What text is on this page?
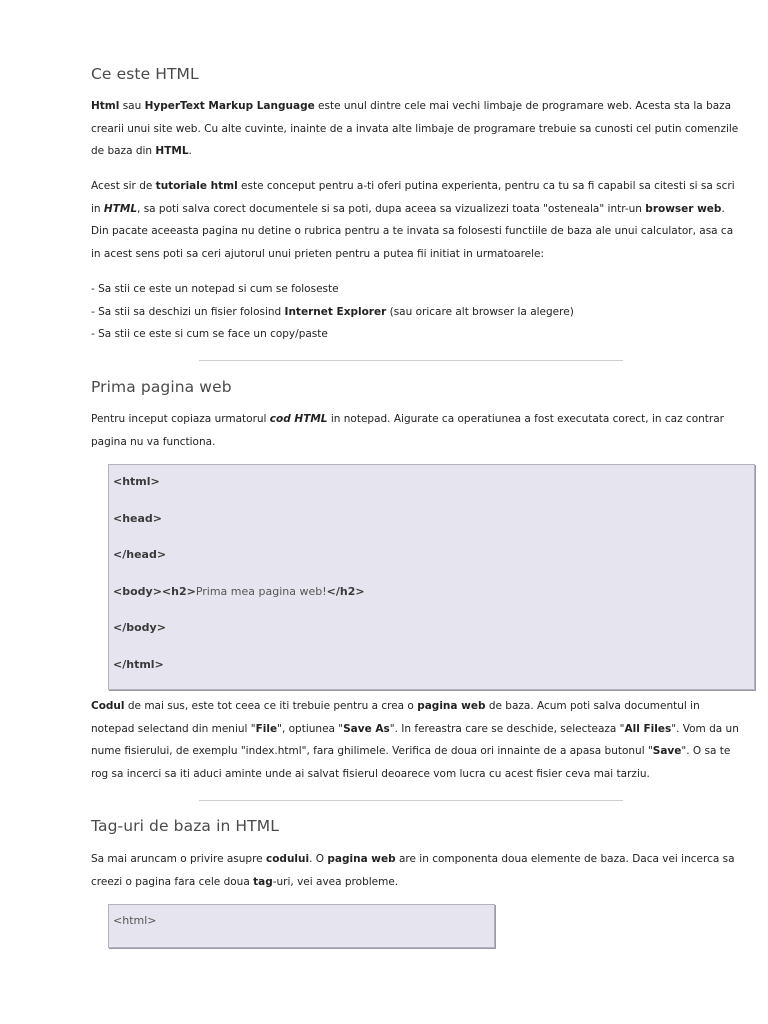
Ce este HTML

Html sau HyperText Markup Language este unul dintre cele mai vechi limbaje de programare web. Acesta sta la baza crearii unui site web. Cu alte cuvinte, inainte de a invata alte limbaje de programare trebuie sa cunosti cel putin comenzile de baza din HTML.

Acest sir de tutoriale html este conceput pentru a-ti oferi putina experienta, pentru ca tu sa fi capabil sa citesti si sa scri in HTML, sa poti salva corect documentele si sa poti, dupa aceea sa vizualizezi toata "osteneala" intr-un browser web. Din pacate aceeasta pagina nu detine o rubrica pentru a te invata sa folosesti functiile de baza ale unui calculator, asa ca in acest sens poti sa ceri ajutorul unui prieten pentru a putea fii initiat in urmatoarele:

- Sa stii ce este un notepad si cum se foloseste
- Sa stii sa deschizi un fisier folosind Internet Explorer (sau oricare alt browser la alegere)
- Sa stii ce este si cum se face un copy/paste
Prima pagina web

Pentru inceput copiaza urmatorul cod HTML in notepad. Aigurate ca operatiunea a fost executata corect, in caz contrar pagina nu va functiona.

<html>
<head>
</head>
<body><h2>Prima mea pagina web!</h2>
</body>
</html>

Codul de mai sus, este tot ceea ce iti trebuie pentru a crea o pagina web de baza. Acum poti salva documentul in notepad selectand din meniul "File", optiunea "Save As". In fereastra care se deschide, selecteaza "All Files". Vom da un nume fisierului, de exemplu "index.html", fara ghilimele. Verifica de doua ori innainte de a apasa butonul "Save". O sa te rog sa incerci sa iti aduci aminte unde ai salvat fisierul deoarece vom lucra cu acest fisier ceva mai tarziu.

Tag-uri de baza in HTML

Sa mai aruncam o privire asupre codului. O pagina web are in componenta doua elemente de baza. Daca vei incerca sa creezi o pagina fara cele doua tag-uri, vei avea probleme.

<html>
